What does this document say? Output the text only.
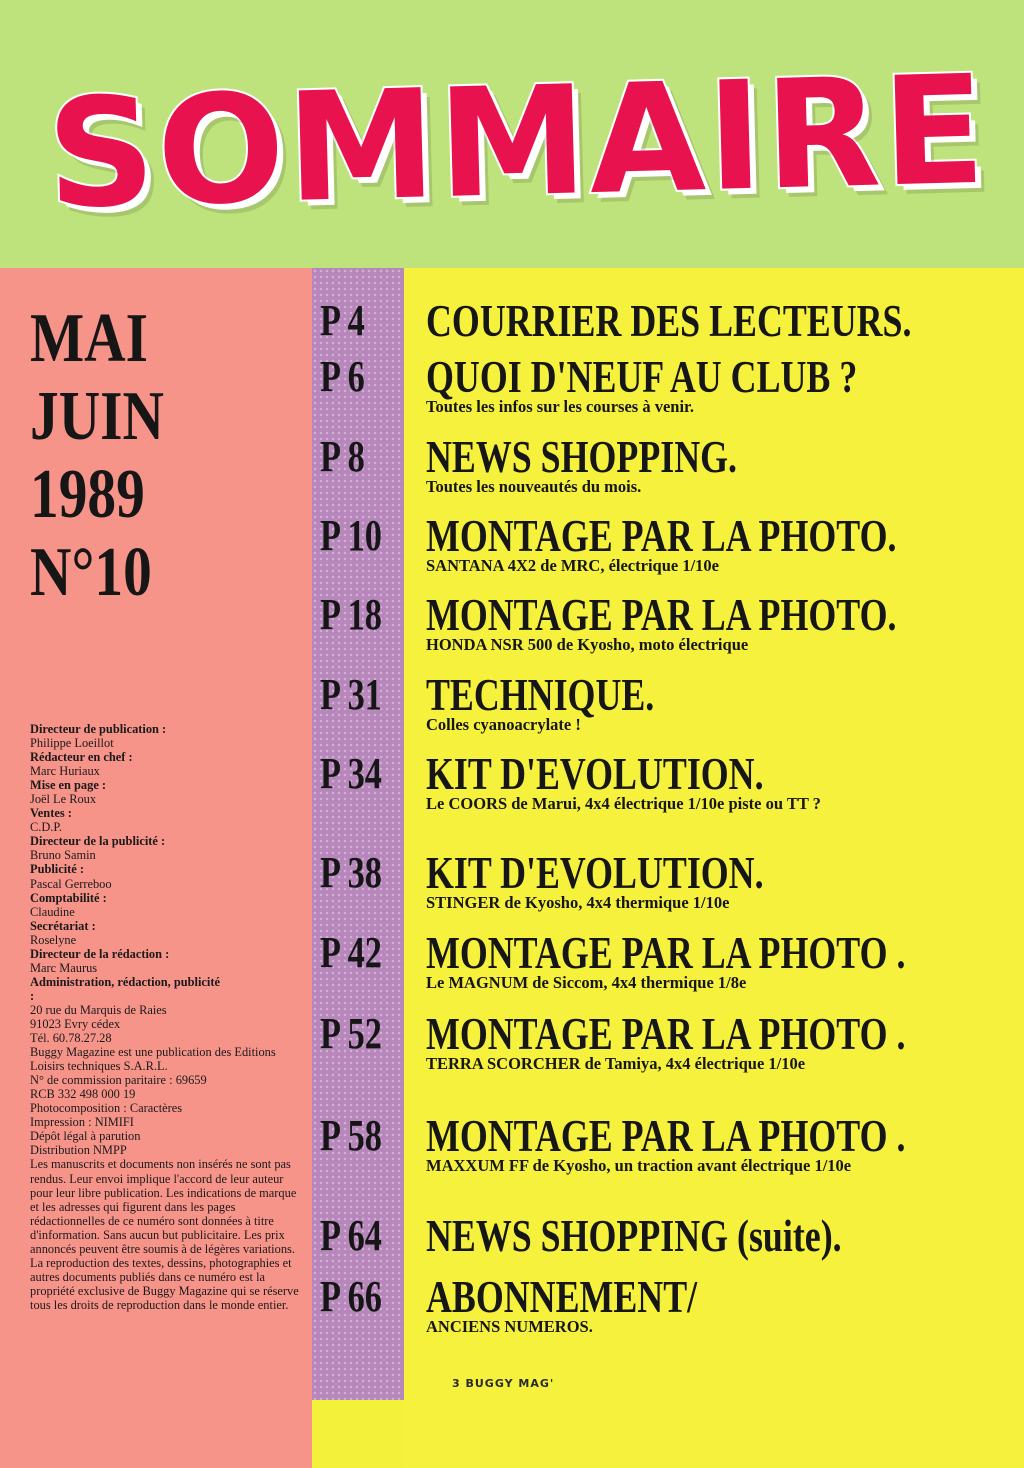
SOMMAIRE
MAI
JUIN
1989
N°10
Directeur de publication :
Philippe Loeillot
Rédacteur en chef :
Marc Huriaux
Mise en page :
Joël Le Roux
Ventes :
C.D.P.
Directeur de la publicité :
Bruno Samin
Publicité :
Pascal Gerreboo
Comptabilité :
Claudine
Secrétariat :
Roselyne
Directeur de la rédaction :
Marc Maurus
Administration, rédaction, publicité :
20 rue du Marquis de Raies
91023 Evry cédex
Tél. 60.78.27.28
Buggy Magazine est une publication des Editions Loisirs techniques S.A.R.L.
N° de commission paritaire : 69659
RCB 332 498 000 19
Photocomposition : Caractères
Impression : NIMIFI
Dépôt légal à parution
Distribution NMPP
Les manuscrits et documents non insérés ne sont pas rendus. Leur envoi implique l'accord de leur auteur pour leur libre publication. Les indications de marque et les adresses qui figurent dans les pages rédactionnelles de ce numéro sont données à titre d'information. Sans aucun but publicitaire. Les prix annoncés peuvent être soumis à de légères variations.
La reproduction des textes, dessins, photographies et autres documents publiés dans ce numéro est la propriété exclusive de Buggy Magazine qui se réserve tous les droits de reproduction dans le monde entier.
P 4	COURRIER DES LECTEURS.
P 6	QUOI D'NEUF AU CLUB ?
Toutes les infos sur les courses à venir.
P 8	NEWS SHOPPING.
Toutes les nouveautés du mois.
P 10 MONTAGE PAR LA PHOTO.
SANTANA 4X2 de MRC, électrique 1/10e
P 18 MONTAGE PAR LA PHOTO.
HONDA NSR 500 de Kyosho, moto électrique
P 31 TECHNIQUE.
Colles cyanoacrylate !
P 34 KIT D'EVOLUTION.
Le COORS de Marui, 4x4 électrique 1/10e piste ou TT ?
P 38 KIT D'EVOLUTION.
STINGER de Kyosho, 4x4 thermique 1/10e
P 42 MONTAGE PAR LA PHOTO .
Le MAGNUM de Siccom, 4x4 thermique 1/8e
P 52 MONTAGE PAR LA PHOTO .
TERRA SCORCHER de Tamiya, 4x4 électrique 1/10e
P 58 MONTAGE PAR LA PHOTO .
MAXXUM FF de Kyosho, un traction avant électrique 1/10e
P 64 NEWS SHOPPING (suite).
P 66 ABONNEMENT/
ANCIENS NUMEROS.
3 BUGGY MAG'
